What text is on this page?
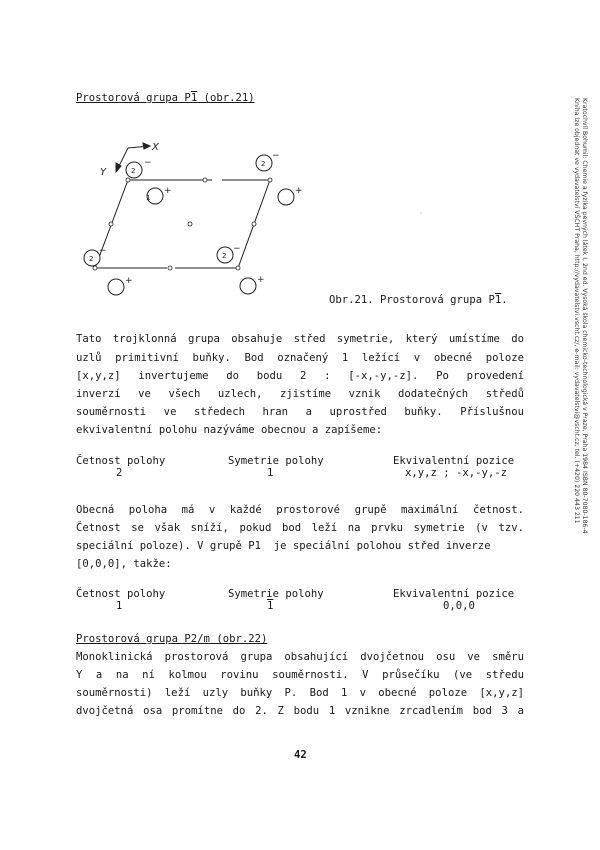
Kratochvíl Bohumil: Chemie a fyzika pevných látek I, 2nd ed. Vysoká škola chemicko-technologická v Praze, Praha 1984 ISBN 80-7080-186-4
Kniha lze objednat ve vydavatelství VŠCHT Praha, http://vydavatelstvi.vscht.cz/, e-mail: vydavatelstvi@vscht.cz, tel. (+420) 220 443 211
Prostorová grupa P1 (obr.21)
2
−
1
+
2
−
+
2
−	2
−
+	+
X
Y
Obr.21. Prostorová grupa P1.
Tato trojklonná grupa obsahuje střed symetrie, který umístíme do
uzlů primitivní buňky. Bod označený 1 ležící v obecné poloze
[x,y,z] invertujeme do bodu 2 : [-x,-y,-z]. Po provedení
inverzí ve všech uzlech, zjistíme vznik dodatečných středů
souměrnosti ve středech hran a uprostřed buňky. Příslušnou
ekvivalentní polohu nazýváme obecnou a zapíšeme:
Četnost polohy	Symetrie polohy	Ekvivalentní pozice
2	1	x,y,z ; -x,-y,-z
Obecná poloha má v každé prostorové grupě maximální četnost.
Četnost se však sníží, pokud bod leží na prvku symetrie (v tzv.
speciální poloze). V grupě P1  je speciální polohou střed inverze
[0,0,0], takže:
Četnost polohy	Symetrie polohy	Ekvivalentní pozice
1	1	0,0,0
Prostorová grupa P2/m (obr.22)
Monoklinická prostorová grupa obsahující dvojčetnou osu ve směru
Y a na ní kolmou rovinu souměrnosti. V průsečíku (ve středu
souměrnosti) leží uzly buňky P. Bod 1 v obecné poloze [x,y,z]
dvojčetná osa promítne do 2. Z bodu 1 vznikne zrcadlením bod 3 a
42
